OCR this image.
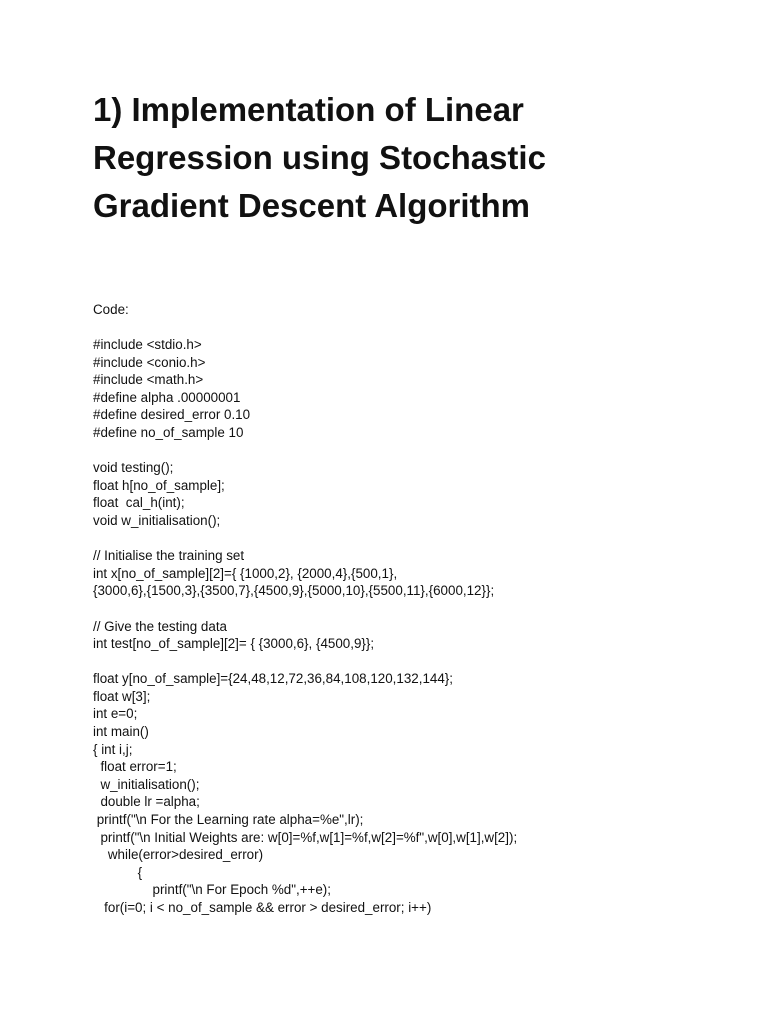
1) Implementation of Linear
Regression using Stochastic
Gradient Descent Algorithm

Code:

#include <stdio.h>
#include <conio.h>
#include <math.h>
#define alpha .00000001
#define desired_error 0.10
#define no_of_sample 10
void testing();
float h[no_of_sample];
float  cal_h(int);
void w_initialisation();
// Initialise the training set
int x[no_of_sample][2]={ {1000,2}, {2000,4},{500,1},
{3000,6},{1500,3},{3500,7},{4500,9},{5000,10},{5500,11},{6000,12}};
// Give the testing data
int test[no_of_sample][2]= { {3000,6}, {4500,9}};
float y[no_of_sample]={24,48,12,72,36,84,108,120,132,144};
float w[3];
int e=0;
int main()
{ int i,j;
float error=1;
w_initialisation();
double lr =alpha;
printf("\n For the Learning rate alpha=%e",lr);
printf("\n Initial Weights are: w[0]=%f,w[1]=%f,w[2]=%f",w[0],w[1],w[2]);
while(error>desired_error)
{
printf("\n For Epoch %d",++e);
for(i=0; i < no_of_sample && error > desired_error; i++)
